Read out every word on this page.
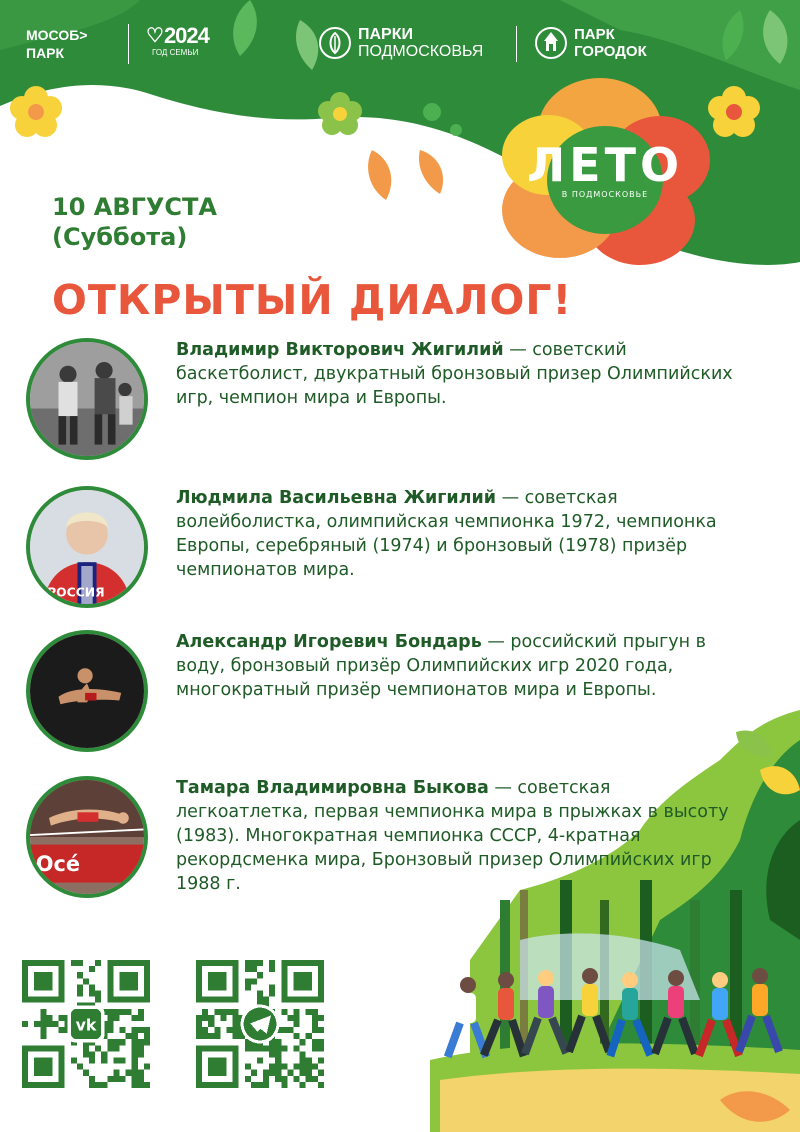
МОСОБ>
ПАРК
♡ 2024
ГОД СЕМЬИ
ПАРКИ
ПОДМОСКОВЬЯ
ПАРК
ГОРОДОК
ЛЕТО
В ПОДМОСКОВЬЕ
10 АВГУСТА
(Суббота)
ОТКРЫТЫЙ ДИАЛОГ!
Владимир Викторович Жигилий — советский баскетболист, двукратный бронзовый призер Олимпийских игр, чемпион мира и Европы.
РОССИЯ
Людмила Васильевна Жигилий — советская волейболистка, олимпийская чемпионка 1972, чемпионка Европы, серебряный (1974) и бронзовый (1978) призёр чемпионатов мира.
Александр Игоревич Бондарь — российский прыгун в воду, бронзовый призёр Олимпийских игр 2020 года, многократный призёр чемпионатов мира и Европы.
Océ
Тамара Владимировна Быкова — советская легкоатлетка, первая чемпионка мира в прыжках в высоту (1983). Многократная чемпионка СССР, 4-кратная рекордсменка мира, Бронзовый призер Олимпийских игр 1988 г.
vk
